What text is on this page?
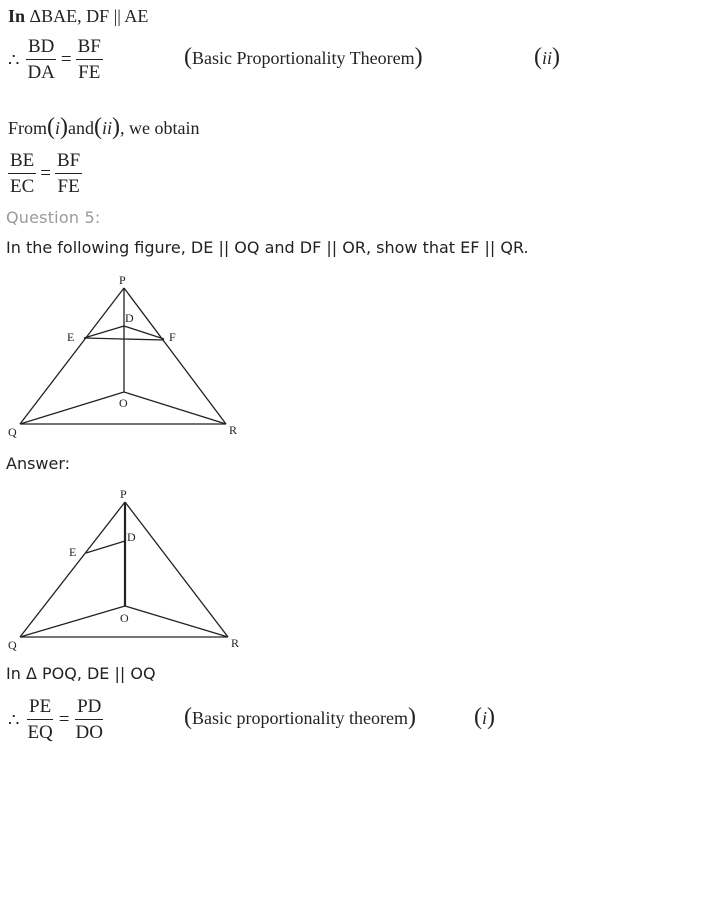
In ΔBAE, DF || AE
∴ $\frac{BD}{DA} = \frac{BF}{FE}$	(Basic Proportionality Theorem)	(ii)
From(i)and(ii), we obtain
$\frac{BE}{EC} = \frac{BF}{FE}$
Question 5:
In the following figure, DE || OQ and DF || OR, show that EF || QR.
P
D
E	F
O
Q	R
Answer:
P
D
E
O
Q	R
In Δ POQ, DE || OQ
∴ $\frac{PE}{EQ} = \frac{PD}{DO}$	(Basic proportionality theorem) (i)
